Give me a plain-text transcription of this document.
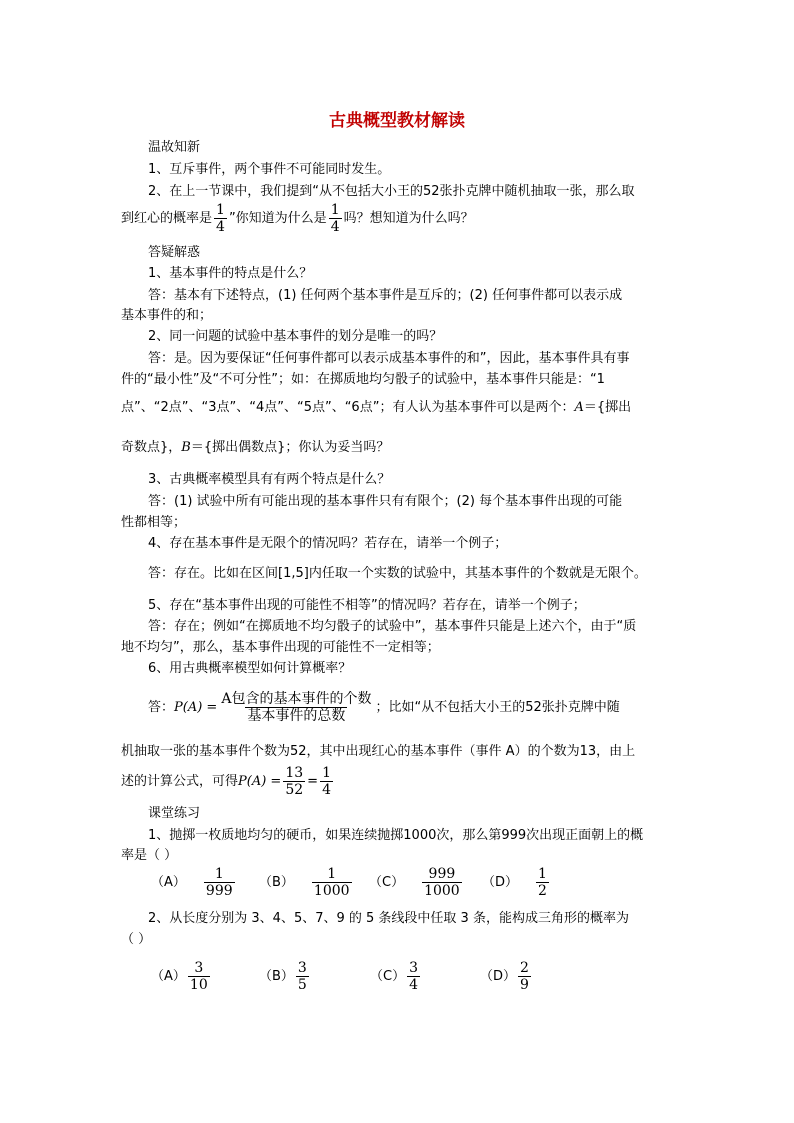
古典概型教材解读
温故知新
1、互斥事件，两个事件不可能同时发生。
2、在上一节课中，我们提到“从不包括大小王的52张扑克牌中随机抽取一张，那么取
到红心的概率是 $\frac{1}{4}$ ”你知道为什么是 $\frac{1}{4}$ 吗？想知道为什么吗？
答疑解惑
1、基本事件的特点是什么？
答：基本有下述特点，(1) 任何两个基本事件是互斥的；(2) 任何事件都可以表示成
基本事件的和；
2、同一问题的试验中基本事件的划分是唯一的吗？
答：是。因为要保证“任何事件都可以表示成基本事件的和”，因此，基本事件具有事
件的“最小性”及“不可分性”；如：在掷质地均匀骰子的试验中，基本事件只能是：“1
点”、“2点”、“3点”、“4点”、“5点”、“6点”；有人认为基本事件可以是两个：A＝{掷出
奇数点}，B＝{掷出偶数点}；你认为妥当吗？
3、古典概率模型具有有两个特点是什么？
答：(1) 试验中所有可能出现的基本事件只有有限个；(2) 每个基本事件出现的可能
性都相等；
4、存在基本事件是无限个的情况吗？若存在，请举一个例子；
答：存在。比如在区间[1,5]内任取一个实数的试验中，其基本事件的个数就是无限个。
5、存在“基本事件出现的可能性不相等”的情况吗？若存在，请举一个例子；
答：存在；例如“在掷质地不均匀骰子的试验中”，基本事件只能是上述六个，由于“质
地不均匀”，那么，基本事件出现的可能性不一定相等；
6、用古典概率模型如何计算概率？
答：$P(A) = \frac{\text{A包含的基本事件的个数}}{\text{基本事件的总数}}$ ；比如“从不包括大小王的52张扑克牌中随
机抽取一张的基本事件个数为52，其中出现红心的基本事件（事件 A）的个数为13，由上
述的计算公式，可得$P(A) = \frac{13}{52} = \frac{1}{4}$
课堂练习
1、抛掷一枚质地均匀的硬币，如果连续抛掷1000次，那么第999次出现正面朝上的概
率是（ ）
$(A) \frac{1}{999} (B) \frac{1}{1000} (C) \frac{999}{1000} (D) \frac{1}{2}$
2、从长度分别为 3、4、5、7、9 的 5 条线段中任取 3 条，能构成三角形的概率为
（ ）
$(A) \frac{3}{10}$	$(B) \frac{3}{5}$	$(C) \frac{3}{4}$	$(D) \frac{2}{9}$
